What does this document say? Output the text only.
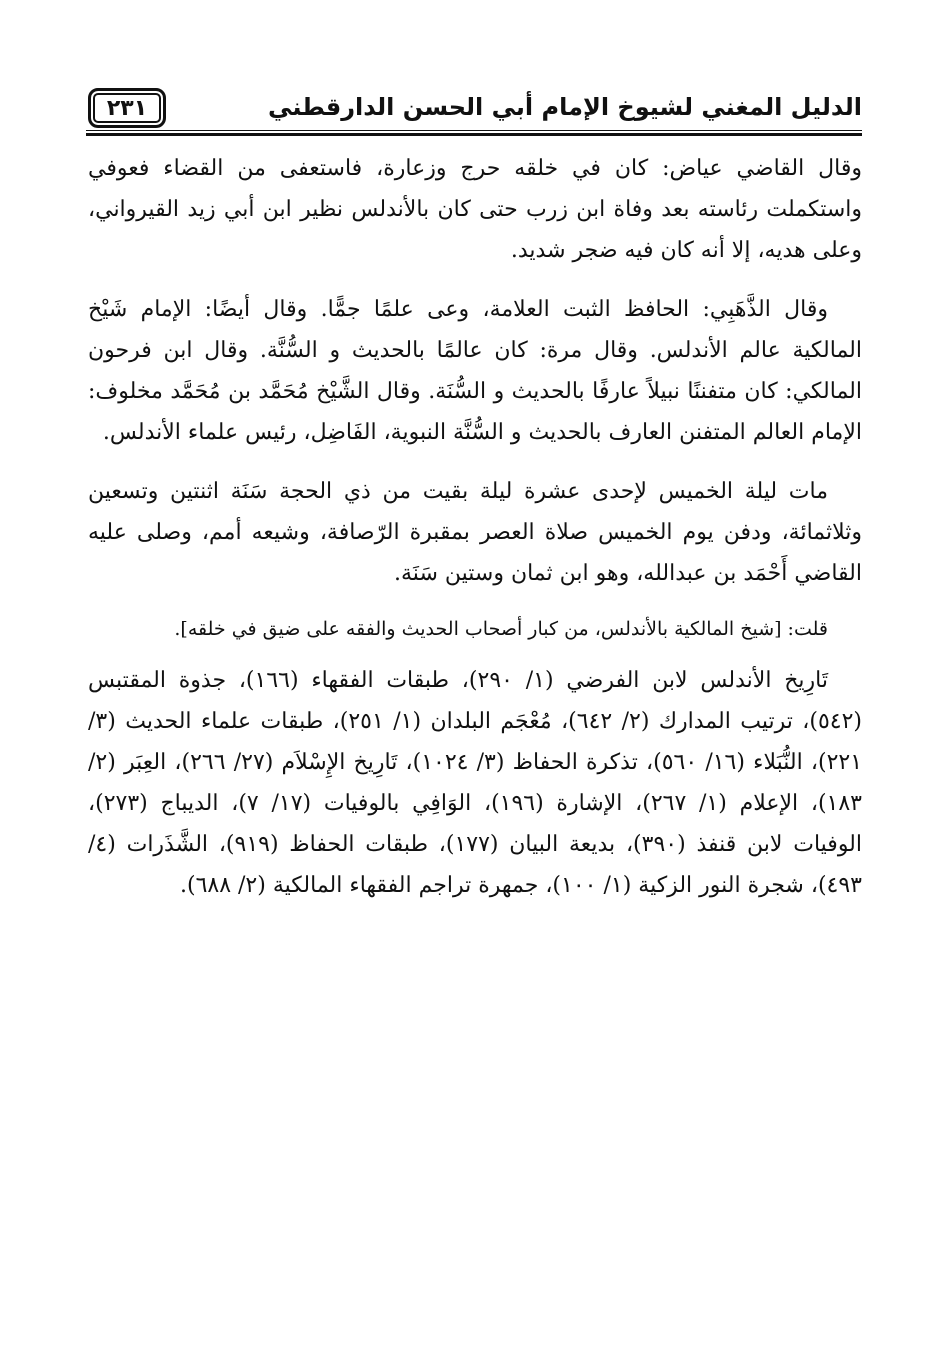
الدليل المغني لشيوخ الإمام أبي الحسن الدارقطني
٢٣١

وقال القاضي عياض: كان في خلقه حرج وزعارة، فاستعفى من القضاء فعوفي واستكملت رئاسته بعد وفاة ابن زرب حتى كان بالأندلس نظير ابن أبي زيد القيرواني، وعلى هديه، إلا أنه كان فيه ضجر شديد.

وقال الذَّهَبِي: الحافظ الثبت العلامة، وعى علمًا جمًّا. وقال أيضًا: الإمام شَيْخ المالكية عالم الأندلس. وقال مرة: كان عالمًا بالحديث و السُّنَّة. وقال ابن فرحون المالكي: كان متفننًا نبيلاً عارفًا بالحديث و السُّنَة. وقال الشَّيْخ مُحَمَّد بن مُحَمَّد مخلوف: الإمام العالم المتفنن العارف بالحديث و السُّنَّة النبوية، الفَاضِل، رئيس علماء الأندلس.

مات ليلة الخميس لإحدى عشرة ليلة بقيت من ذي الحجة سَنَة اثنتين وتسعين وثلاثمائة، ودفن يوم الخميس صلاة العصر بمقبرة الرّصافة، وشيعه أمم، وصلى عليه القاضي أَحْمَد بن عبدالله، وهو ابن ثمان وستين سَنَة.

قلت: [شيخ المالكية بالأندلس، من كبار أصحاب الحديث والفقه على ضيق في خلقه].

تَارِيخ الأندلس لابن الفرضي (١/ ٢٩٠)، طبقات الفقهاء (١٦٦)، جذوة المقتبس (٥٤٢)، ترتيب المدارك (٢/ ٦٤٢)، مُعْجَم البلدان (١/ ٢٥١)، طبقات علماء الحديث (٣/ ٢٢١)، النُّبَلاء (١٦/ ٥٦٠)، تذكرة الحفاظ (٣/ ١٠٢٤)، تَارِيخ الإِسْلاَم (٢٧/ ٢٦٦)، العِبَر (٢/ ١٨٣)، الإعلام (١/ ٢٦٧)، الإشارة (١٩٦)، الوَافِي بالوفيات (١٧/ ٧)، الديباج (٢٧٣)، الوفيات لابن قنفذ (٣٩٠)، بديعة البيان (١٧٧)، طبقات الحفاظ (٩١٩)، الشَّذَرات (٤/ ٤٩٣)، شجرة النور الزكية (١/ ١٠٠)، جمهرة تراجم الفقهاء المالكية (٢/ ٦٨٨).
